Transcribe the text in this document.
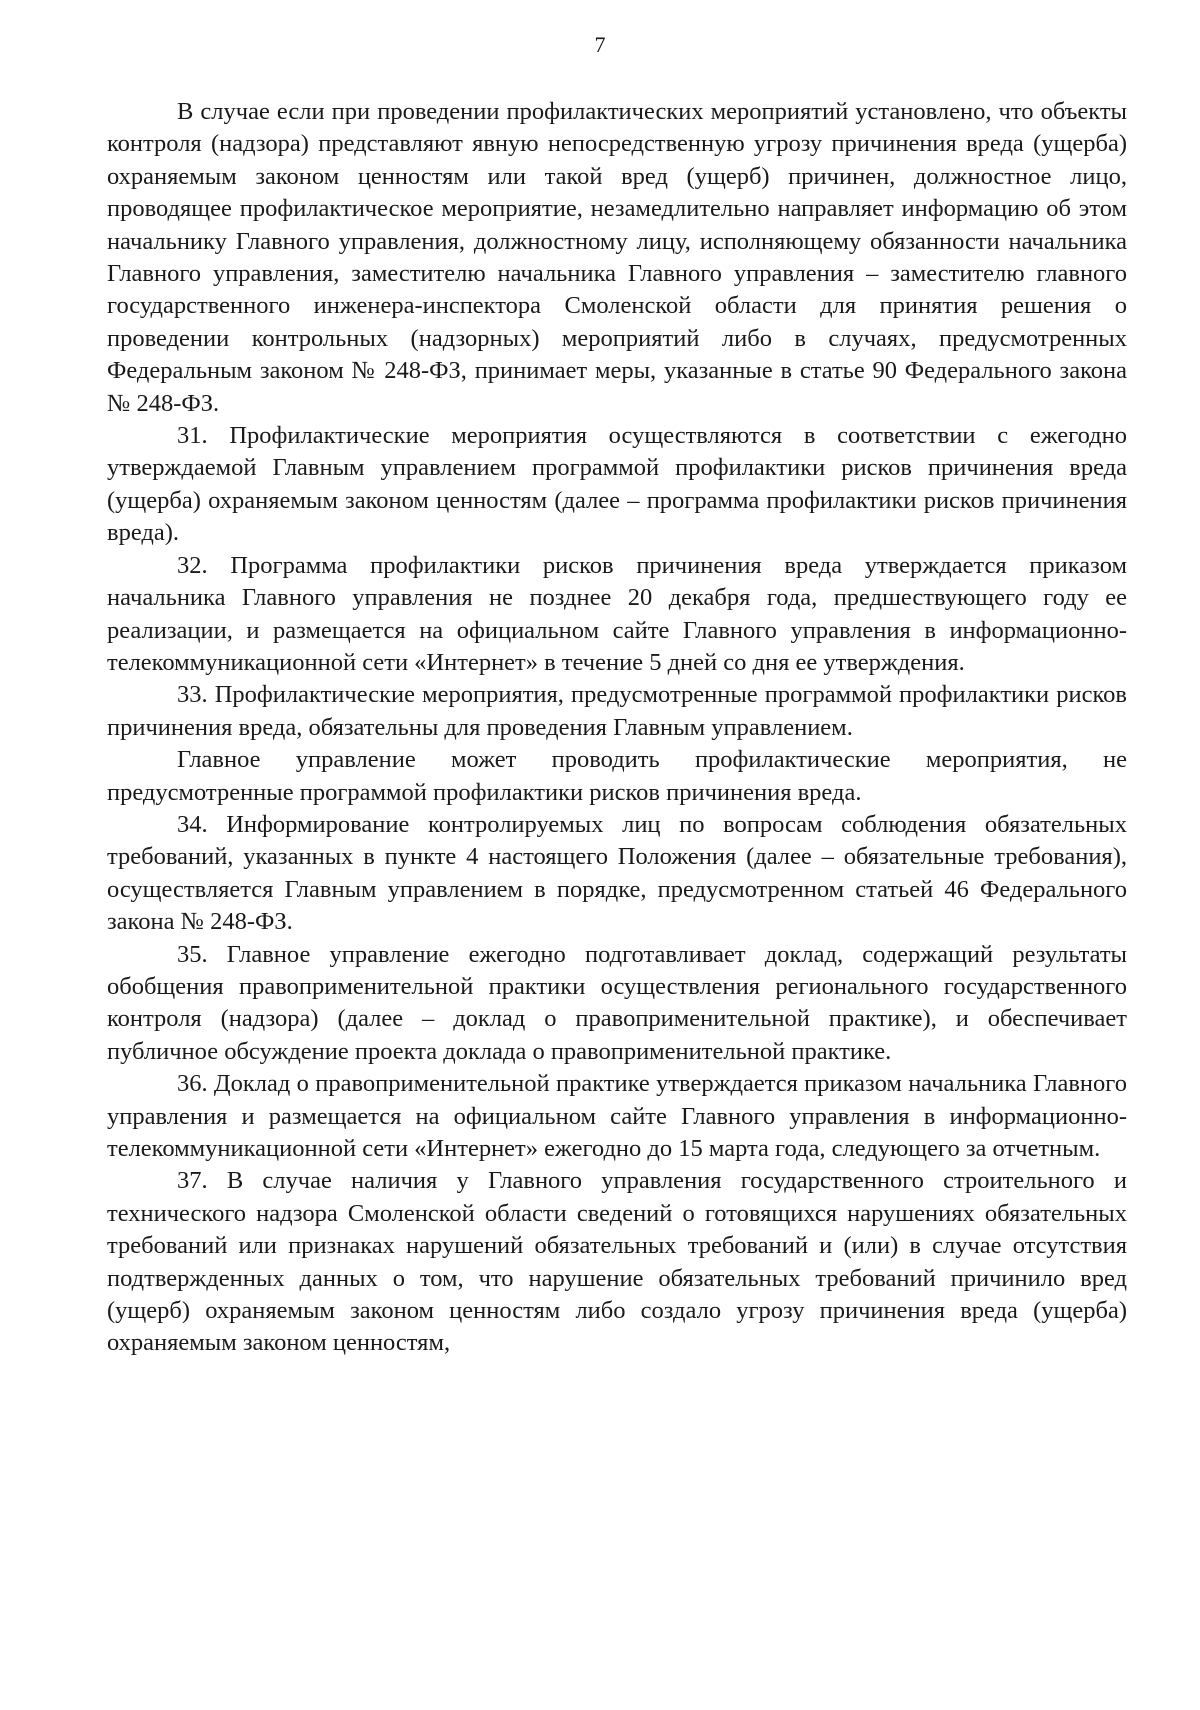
7

В случае если при проведении профилактических мероприятий установлено, что объекты контроля (надзора) представляют явную непосредственную угрозу причинения вреда (ущерба) охраняемым законом ценностям или такой вред (ущерб) причинен, должностное лицо, проводящее профилактическое мероприятие, незамедлительно направляет информацию об этом начальнику Главного управления, должностному лицу, исполняющему обязанности начальника Главного управления, заместителю начальника Главного управления – заместителю главного государственного инженера-инспектора Смоленской области для принятия решения о проведении контрольных (надзорных) мероприятий либо в случаях, предусмотренных Федеральным законом № 248-ФЗ, принимает меры, указанные в статье 90 Федерального закона № 248-ФЗ.

31. Профилактические мероприятия осуществляются в соответствии с ежегодно утверждаемой Главным управлением программой профилактики рисков причинения вреда (ущерба) охраняемым законом ценностям (далее – программа профилактики рисков причинения вреда).

32. Программа профилактики рисков причинения вреда утверждается приказом начальника Главного управления не позднее 20 декабря года, предшествующего году ее реализации, и размещается на официальном сайте Главного управления в информационно-телекоммуникационной сети «Интернет» в течение 5 дней со дня ее утверждения.

33. Профилактические мероприятия, предусмотренные программой профилактики рисков причинения вреда, обязательны для проведения Главным управлением.

Главное управление может проводить профилактические мероприятия, не предусмотренные программой профилактики рисков причинения вреда.

34. Информирование контролируемых лиц по вопросам соблюдения обязательных требований, указанных в пункте 4 настоящего Положения (далее – обязательные требования), осуществляется Главным управлением в порядке, предусмотренном статьей 46 Федерального закона № 248-ФЗ.

35. Главное управление ежегодно подготавливает доклад, содержащий результаты обобщения правоприменительной практики осуществления регионального государственного контроля (надзора) (далее – доклад о правоприменительной практике), и обеспечивает публичное обсуждение проекта доклада о правоприменительной практике.

36. Доклад о правоприменительной практике утверждается приказом начальника Главного управления и размещается на официальном сайте Главного управления в информационно-телекоммуникационной сети «Интернет» ежегодно до 15 марта года, следующего за отчетным.

37. В случае наличия у Главного управления государственного строительного и технического надзора Смоленской области сведений о готовящихся нарушениях обязательных требований или признаках нарушений обязательных требований и (или) в случае отсутствия подтвержденных данных о том, что нарушение обязательных требований причинило вред (ущерб) охраняемым законом ценностям либо создало угрозу причинения вреда (ущерба) охраняемым законом ценностям,
